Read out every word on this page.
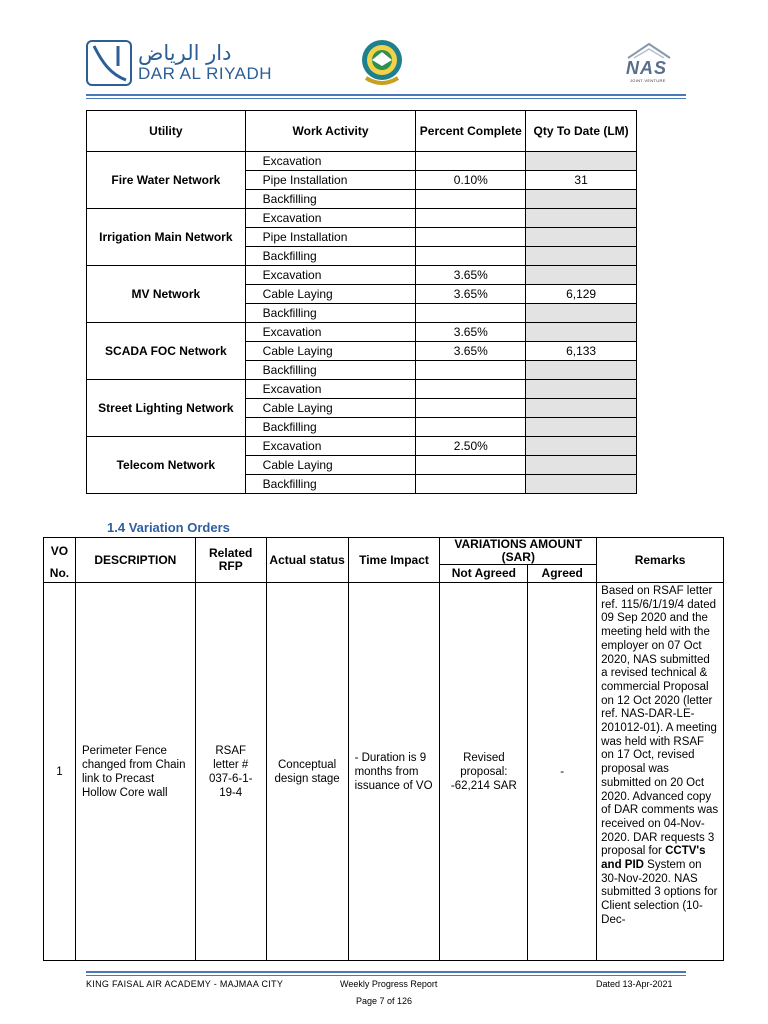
دار الرياض
DAR AL RIYADH	NAS
JOINT VENTURE
Utility	Work Activity	Percent Complete	Qty To Date (LM)
Fire Water Network	Excavation		
	Pipe Installation	0.10%	31
	Backfilling		
Irrigation Main Network	Excavation		
	Pipe Installation		
	Backfilling		
MV Network	Excavation	3.65%	
	Cable Laying	3.65%	6,129
	Backfilling		
SCADA FOC Network	Excavation	3.65%	
	Cable Laying	3.65%	6,133
	Backfilling		
Street Lighting Network	Excavation		
	Cable Laying		
	Backfilling		
Telecom Network	Excavation	2.50%	
	Cable Laying		
	Backfilling		
1.4 Variation Orders
VO	DESCRIPTION	Related RFP	Actual status	Time Impact	VARIATIONS AMOUNT (SAR)		Remarks
No.					Not Agreed	Agreed	
1	Perimeter Fence changed from Chain link to Precast Hollow Core wall	RSAF letter # 037-6-1-19-4	Conceptual design stage	- Duration is 9 months from issuance of VO	Revised proposal: -62,214 SAR	-	Based on RSAF letter ref. 115/6/1/19/4 dated 09 Sep 2020 and the meeting held with the employer on 07 Oct 2020, NAS submitted a revised technical & commercial Proposal on 12 Oct 2020 (letter ref. NAS-DAR-LE-201012-01). A meeting was held with RSAF on 17 Oct, revised proposal was submitted on 20 Oct 2020. Advanced copy of DAR comments was received on 04-Nov-2020. DAR requests 3 proposal for CCTV's and PID System on 30-Nov-2020. NAS submitted 3 options for Client selection (10-Dec-
KING FAISAL AIR ACADEMY - MAJMAA CITY	Weekly Progress Report	Dated 13-Apr-2021
Page 7 of 126
